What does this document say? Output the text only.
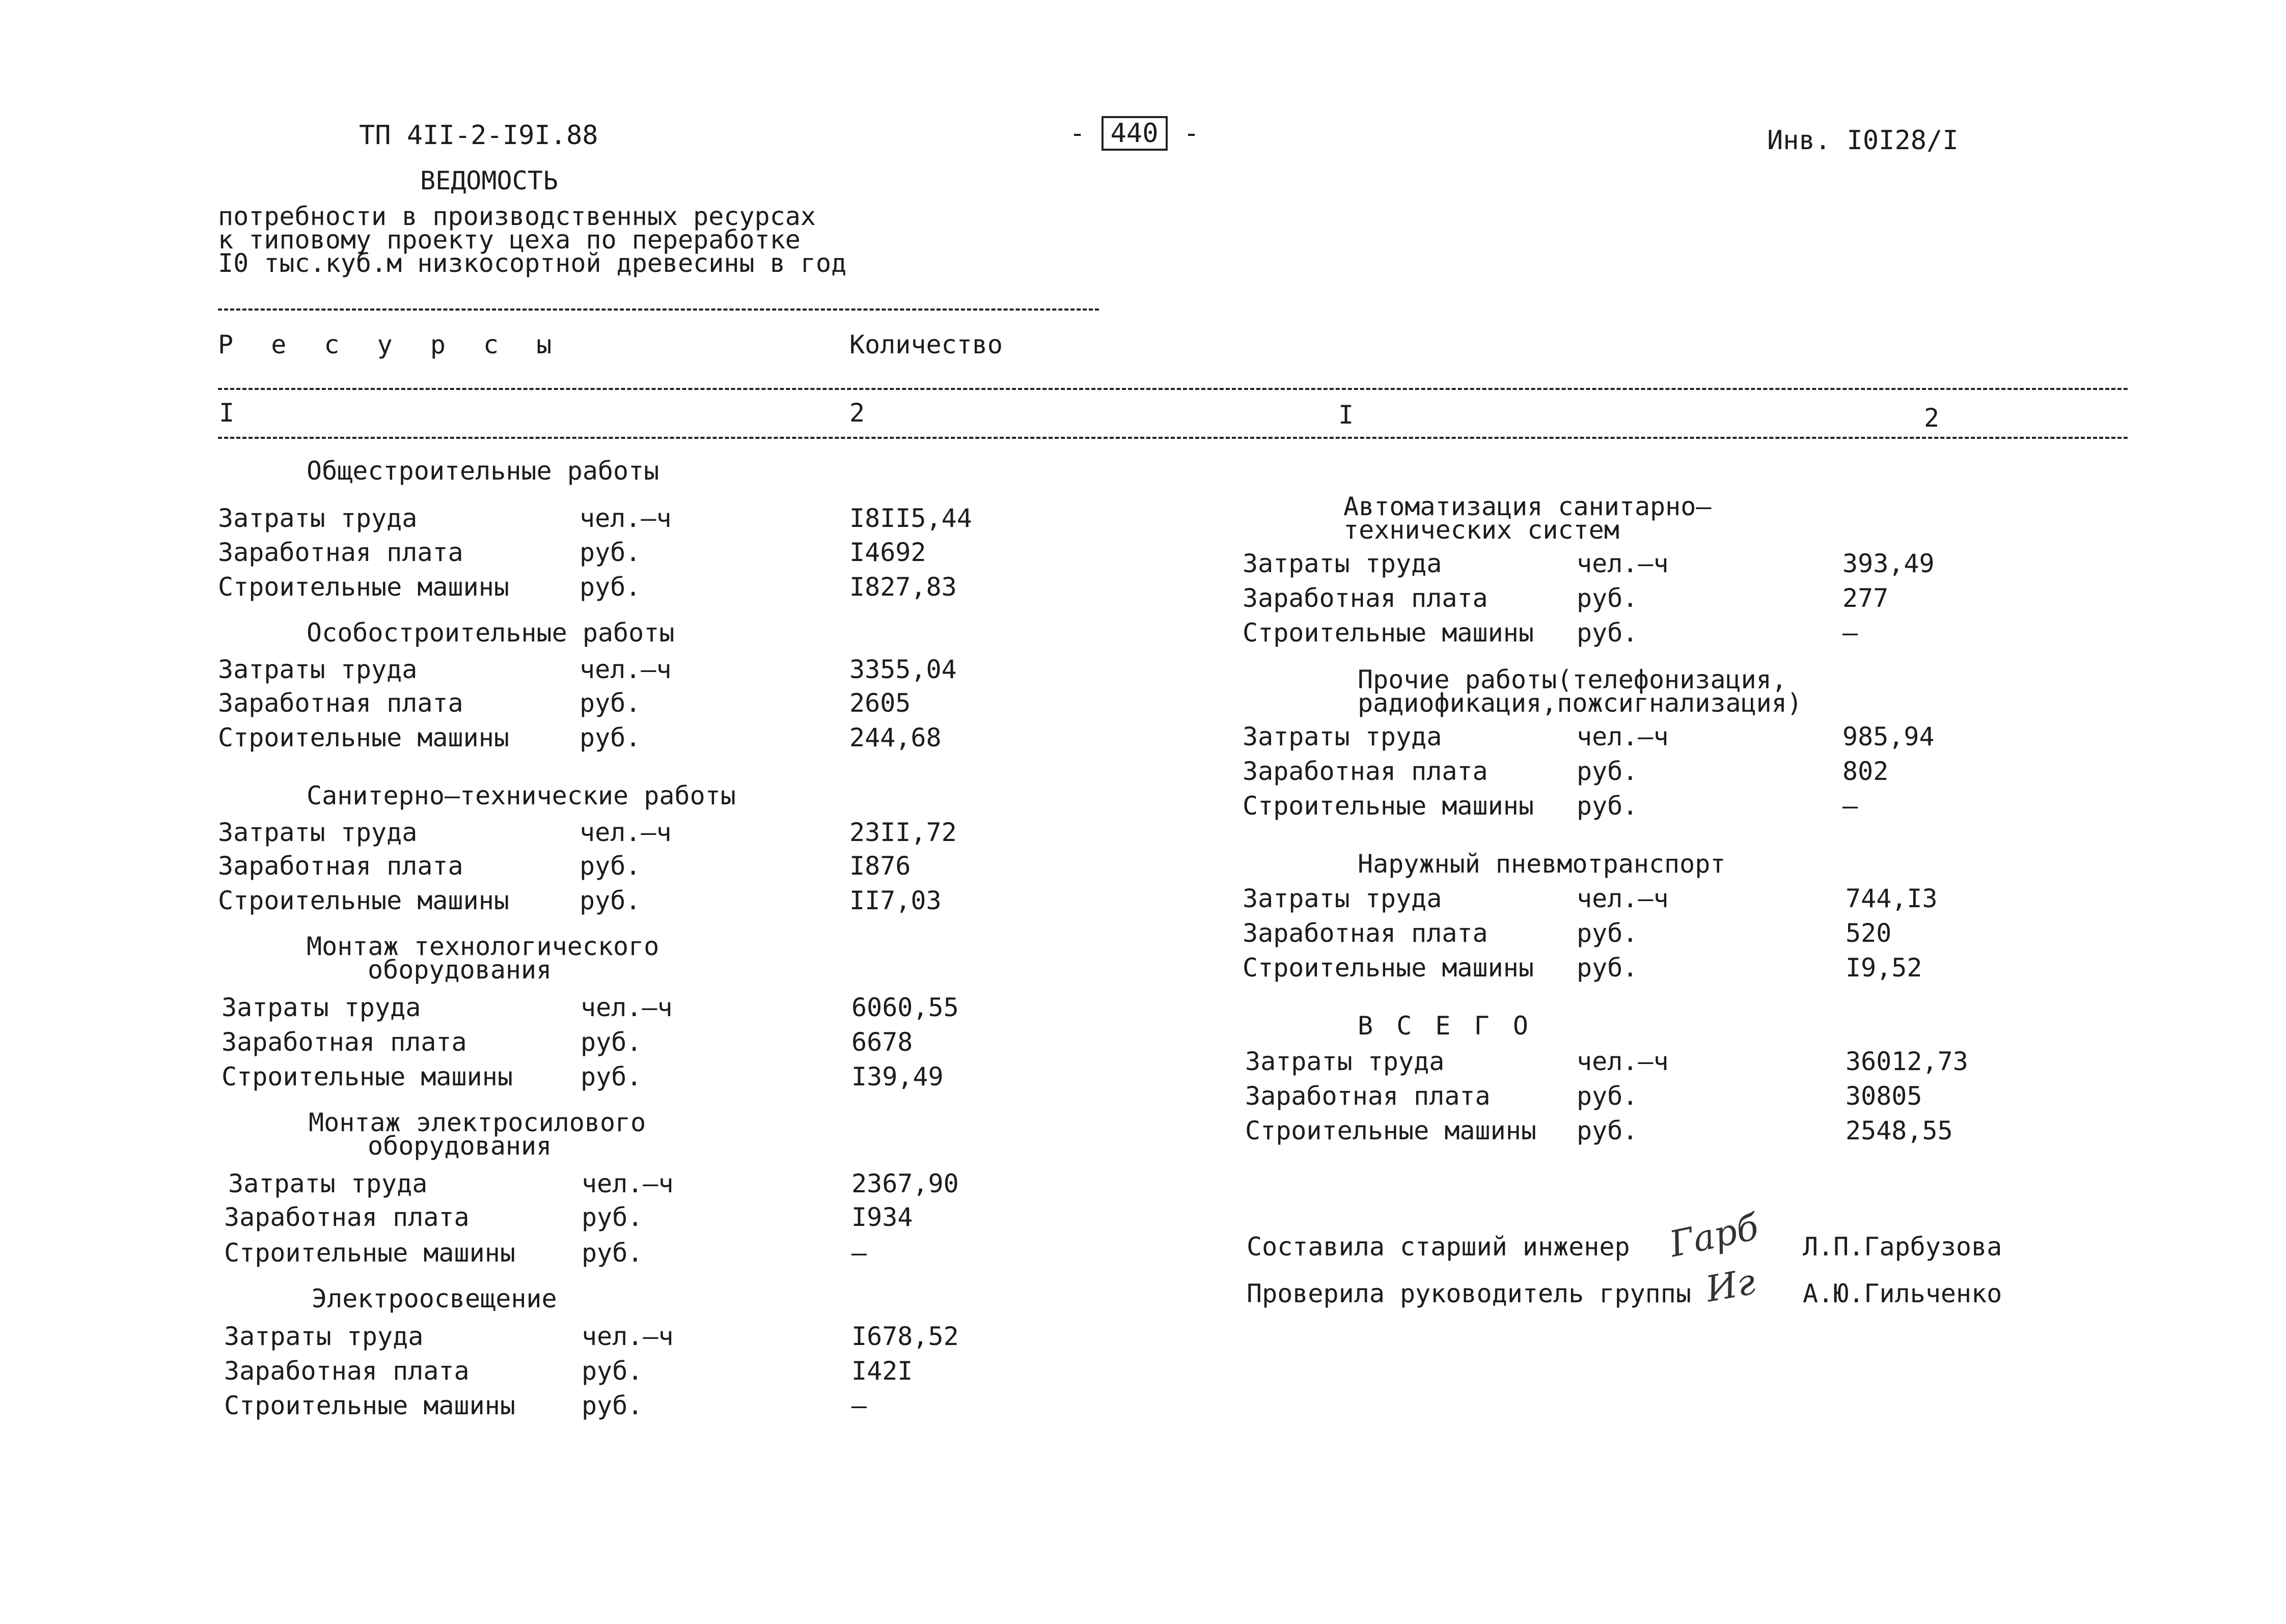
ТП 4II-2-I9I.88	- 440 -	Инв. I0I28/I
ВЕДОМОСТЬ
потребности в производственных ресурсах
к типовому проекту цеха по переработке
I0 тыс.куб.м низкосортной древесины в год
Р е с у р с ы	Количество
I	2	I	2
Общестроительные работы
Затраты труда	чел.–ч	I8II5,44
Заработная плата	руб.	I4692
Строительные машины	руб.	I827,83
Особостроительные работы
Затраты труда	чел.–ч	3355,04
Заработная плата	руб.	2605
Строительные машины	руб.	244,68
Санитерно–технические работы
Затраты труда	чел.–ч	23II,72
Заработная плата	руб.	I876
Строительные машины	руб.	II7,03
Монтаж технологического
оборудования
Затраты труда	чел.–ч	6060,55
Заработная плата	руб.	6678
Строительные машины	руб.	I39,49
Монтаж электросилового
оборудования
Затраты труда	чел.–ч	2367,90
Заработная плата	руб.	I934
Строительные машины	руб.	–
Электроосвещение
Затраты труда	чел.–ч	I678,52
Заработная плата	руб.	I42I
Строительные машины	руб.	–
Автоматизация санитарно–
технических систем
Затраты труда	чел.–ч	393,49
Заработная плата	руб.	277
Строительные машины руб.	–
Прочие работы(телефонизация,
радиофикация,пожсигнализация)
Затраты труда	чел.–ч	985,94
Заработная плата	руб.	802
Строительные машины руб.	–
Наружный пневмотранспорт
Затраты труда	чел.–ч	744,I3
Заработная плата	руб.	520
Строительные машины руб.	I9,52
В С Е Г О
Затраты труда	чел.–ч	36012,73
Заработная плата	руб.	30805
Строительные машины руб.	2548,55
Составила старший инженер Гарб Л.П.Гарбузова
Проверила руководитель группы Иг А.Ю.Гильченко
